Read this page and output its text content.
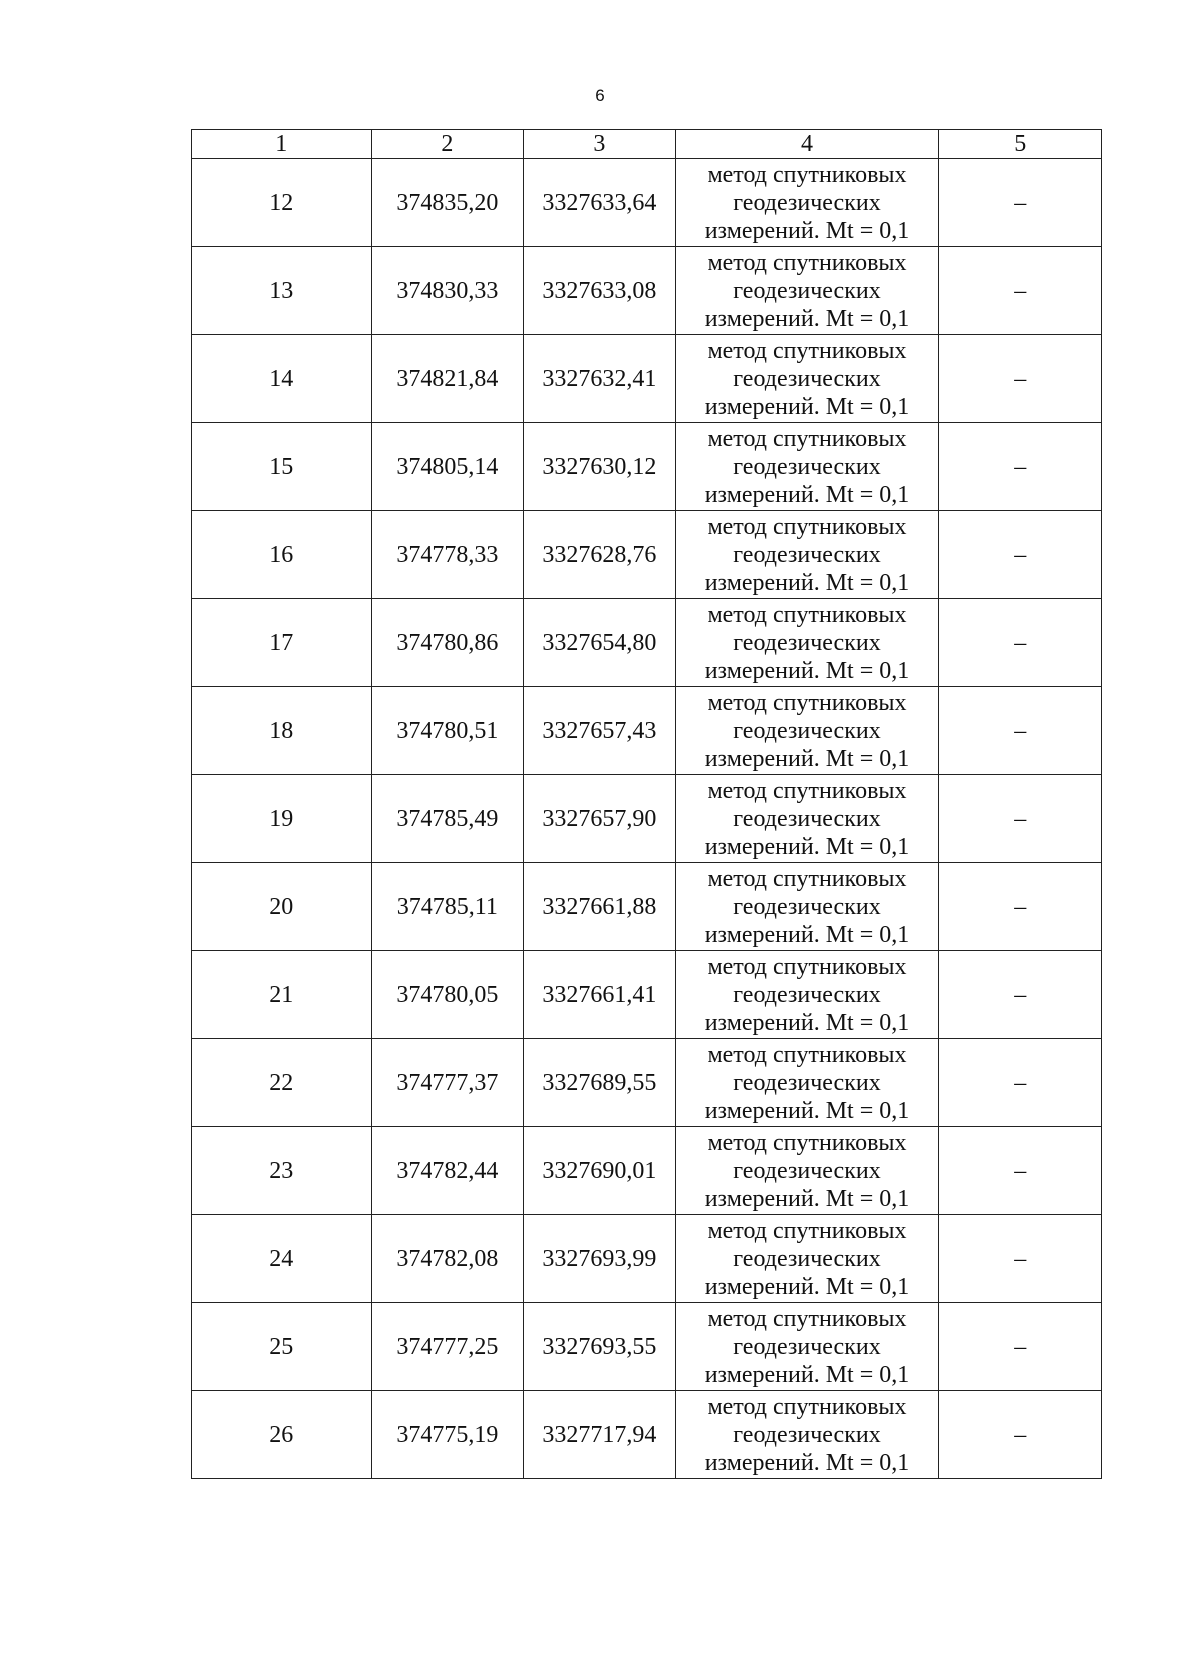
6
1	2	3	4	5
12	374835,20	3327633,64	метод спутниковых
геодезических
измерений. Mt = 0,1	–
13	374830,33	3327633,08	метод спутниковых
геодезических
измерений. Mt = 0,1	–
14	374821,84	3327632,41	метод спутниковых
геодезических
измерений. Mt = 0,1	–
15	374805,14	3327630,12	метод спутниковых
геодезических
измерений. Mt = 0,1	–
16	374778,33	3327628,76	метод спутниковых
геодезических
измерений. Mt = 0,1	–
17	374780,86	3327654,80	метод спутниковых
геодезических
измерений. Mt = 0,1	–
18	374780,51	3327657,43	метод спутниковых
геодезических
измерений. Mt = 0,1	–
19	374785,49	3327657,90	метод спутниковых
геодезических
измерений. Mt = 0,1	–
20	374785,11	3327661,88	метод спутниковых
геодезических
измерений. Mt = 0,1	–
21	374780,05	3327661,41	метод спутниковых
геодезических
измерений. Mt = 0,1	–
22	374777,37	3327689,55	метод спутниковых
геодезических
измерений. Mt = 0,1	–
23	374782,44	3327690,01	метод спутниковых
геодезических
измерений. Mt = 0,1	–
24	374782,08	3327693,99	метод спутниковых
геодезических
измерений. Mt = 0,1	–
25	374777,25	3327693,55	метод спутниковых
геодезических
измерений. Mt = 0,1	–
26	374775,19	3327717,94	метод спутниковых
геодезических
измерений. Mt = 0,1	–
